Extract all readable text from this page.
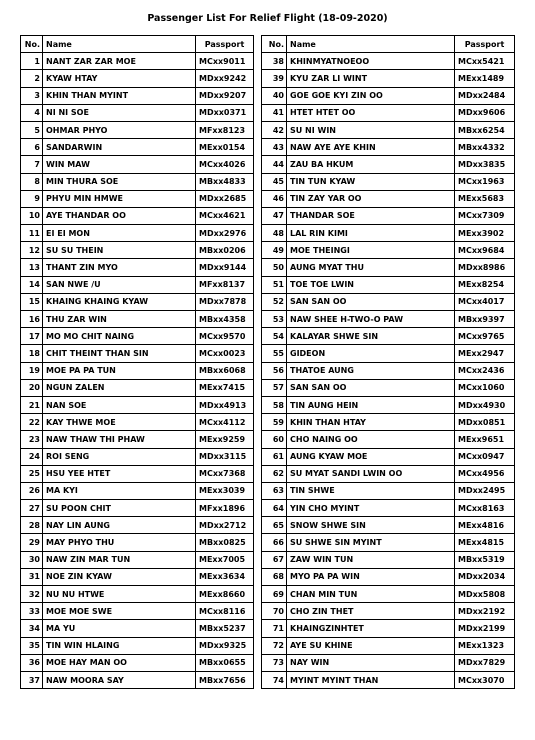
Passenger List For Relief Flight (18-09-2020)
No.	Name	Passport
1	NANT ZAR ZAR MOE	MCxx9011
2	KYAW HTAY	MDxx9242
3	KHIN THAN MYINT	MDxx9207
4	NI NI SOE	MDxx0371
5	OHMAR PHYO	MFxx8123
6	SANDARWIN	MExx0154
7	WIN MAW	MCxx4026
8	MIN THURA SOE	MBxx4833
9	PHYU MIN HMWE	MDxx2685
10	AYE THANDAR OO	MCxx4621
11	EI EI MON	MDxx2976
12	SU SU THEIN	MBxx0206
13	THANT ZIN MYO	MDxx9144
14	SAN NWE /U	MFxx8137
15	KHAING KHAING KYAW	MDxx7878
16	THU ZAR WIN	MBxx4358
17	MO MO CHIT NAING	MCxx9570
18	CHIT THEINT THAN SIN	MCxx0023
19	MOE PA PA TUN	MBxx6068
20	NGUN ZALEN	MExx7415
21	NAN SOE	MDxx4913
22	KAY THWE MOE	MCxx4112
23	NAW THAW THI PHAW	MExx9259
24	ROI SENG	MDxx3115
25	HSU YEE HTET	MCxx7368
26	MA KYI	MExx3039
27	SU POON CHIT	MFxx1896
28	NAY LIN AUNG	MDxx2712
29	MAY PHYO THU	MBxx0825
30	NAW ZIN MAR TUN	MExx7005
31	NOE ZIN KYAW	MExx3634
32	NU NU HTWE	MExx8660
33	MOE MOE SWE	MCxx8116
34	MA YU	MBxx5237
35	TIN WIN HLAING	MDxx9325
36	MOE HAY MAN OO	MBxx0655
37	NAW MOORA SAY	MBxx7656
No.	Name	Passport
38	KHINMYATNOEOO	MCxx5421
39	KYU ZAR LI WINT	MExx1489
40	GOE GOE KYI ZIN OO	MDxx2484
41	HTET HTET OO	MDxx9606
42	SU NI WIN	MBxx6254
43	NAW AYE AYE KHIN	MBxx4332
44	ZAU BA HKUM	MDxx3835
45	TIN TUN KYAW	MCxx1963
46	TIN ZAY YAR OO	MExx5683
47	THANDAR SOE	MCxx7309
48	LAL RIN KIMI	MExx3902
49	MOE THEINGI	MCxx9684
50	AUNG MYAT THU	MDxx8986
51	TOE TOE LWIN	MExx8254
52	SAN SAN OO	MCxx4017
53	NAW SHEE H-TWO-O PAW	MBxx9397
54	KALAYAR SHWE SIN	MCxx9765
55	GIDEON	MExx2947
56	THATOE AUNG	MCxx2436
57	SAN SAN OO	MCxx1060
58	TIN AUNG HEIN	MDxx4930
59	KHIN THAN HTAY	MDxx0851
60	CHO NAING OO	MExx9651
61	AUNG KYAW MOE	MCxx0947
62	SU MYAT SANDI LWIN OO	MCxx4956
63	TIN SHWE	MDxx2495
64	YIN CHO MYINT	MCxx8163
65	SNOW SHWE SIN	MExx4816
66	SU SHWE SIN MYINT	MExx4815
67	ZAW WIN TUN	MBxx5319
68	MYO PA PA WIN	MDxx2034
69	CHAN MIN TUN	MDxx5808
70	CHO ZIN THET	MDxx2192
71	KHAINGZINHTET	MDxx2199
72	AYE SU KHINE	MExx1323
73	NAY WIN	MDxx7829
74	MYINT MYINT THAN	MCxx3070
